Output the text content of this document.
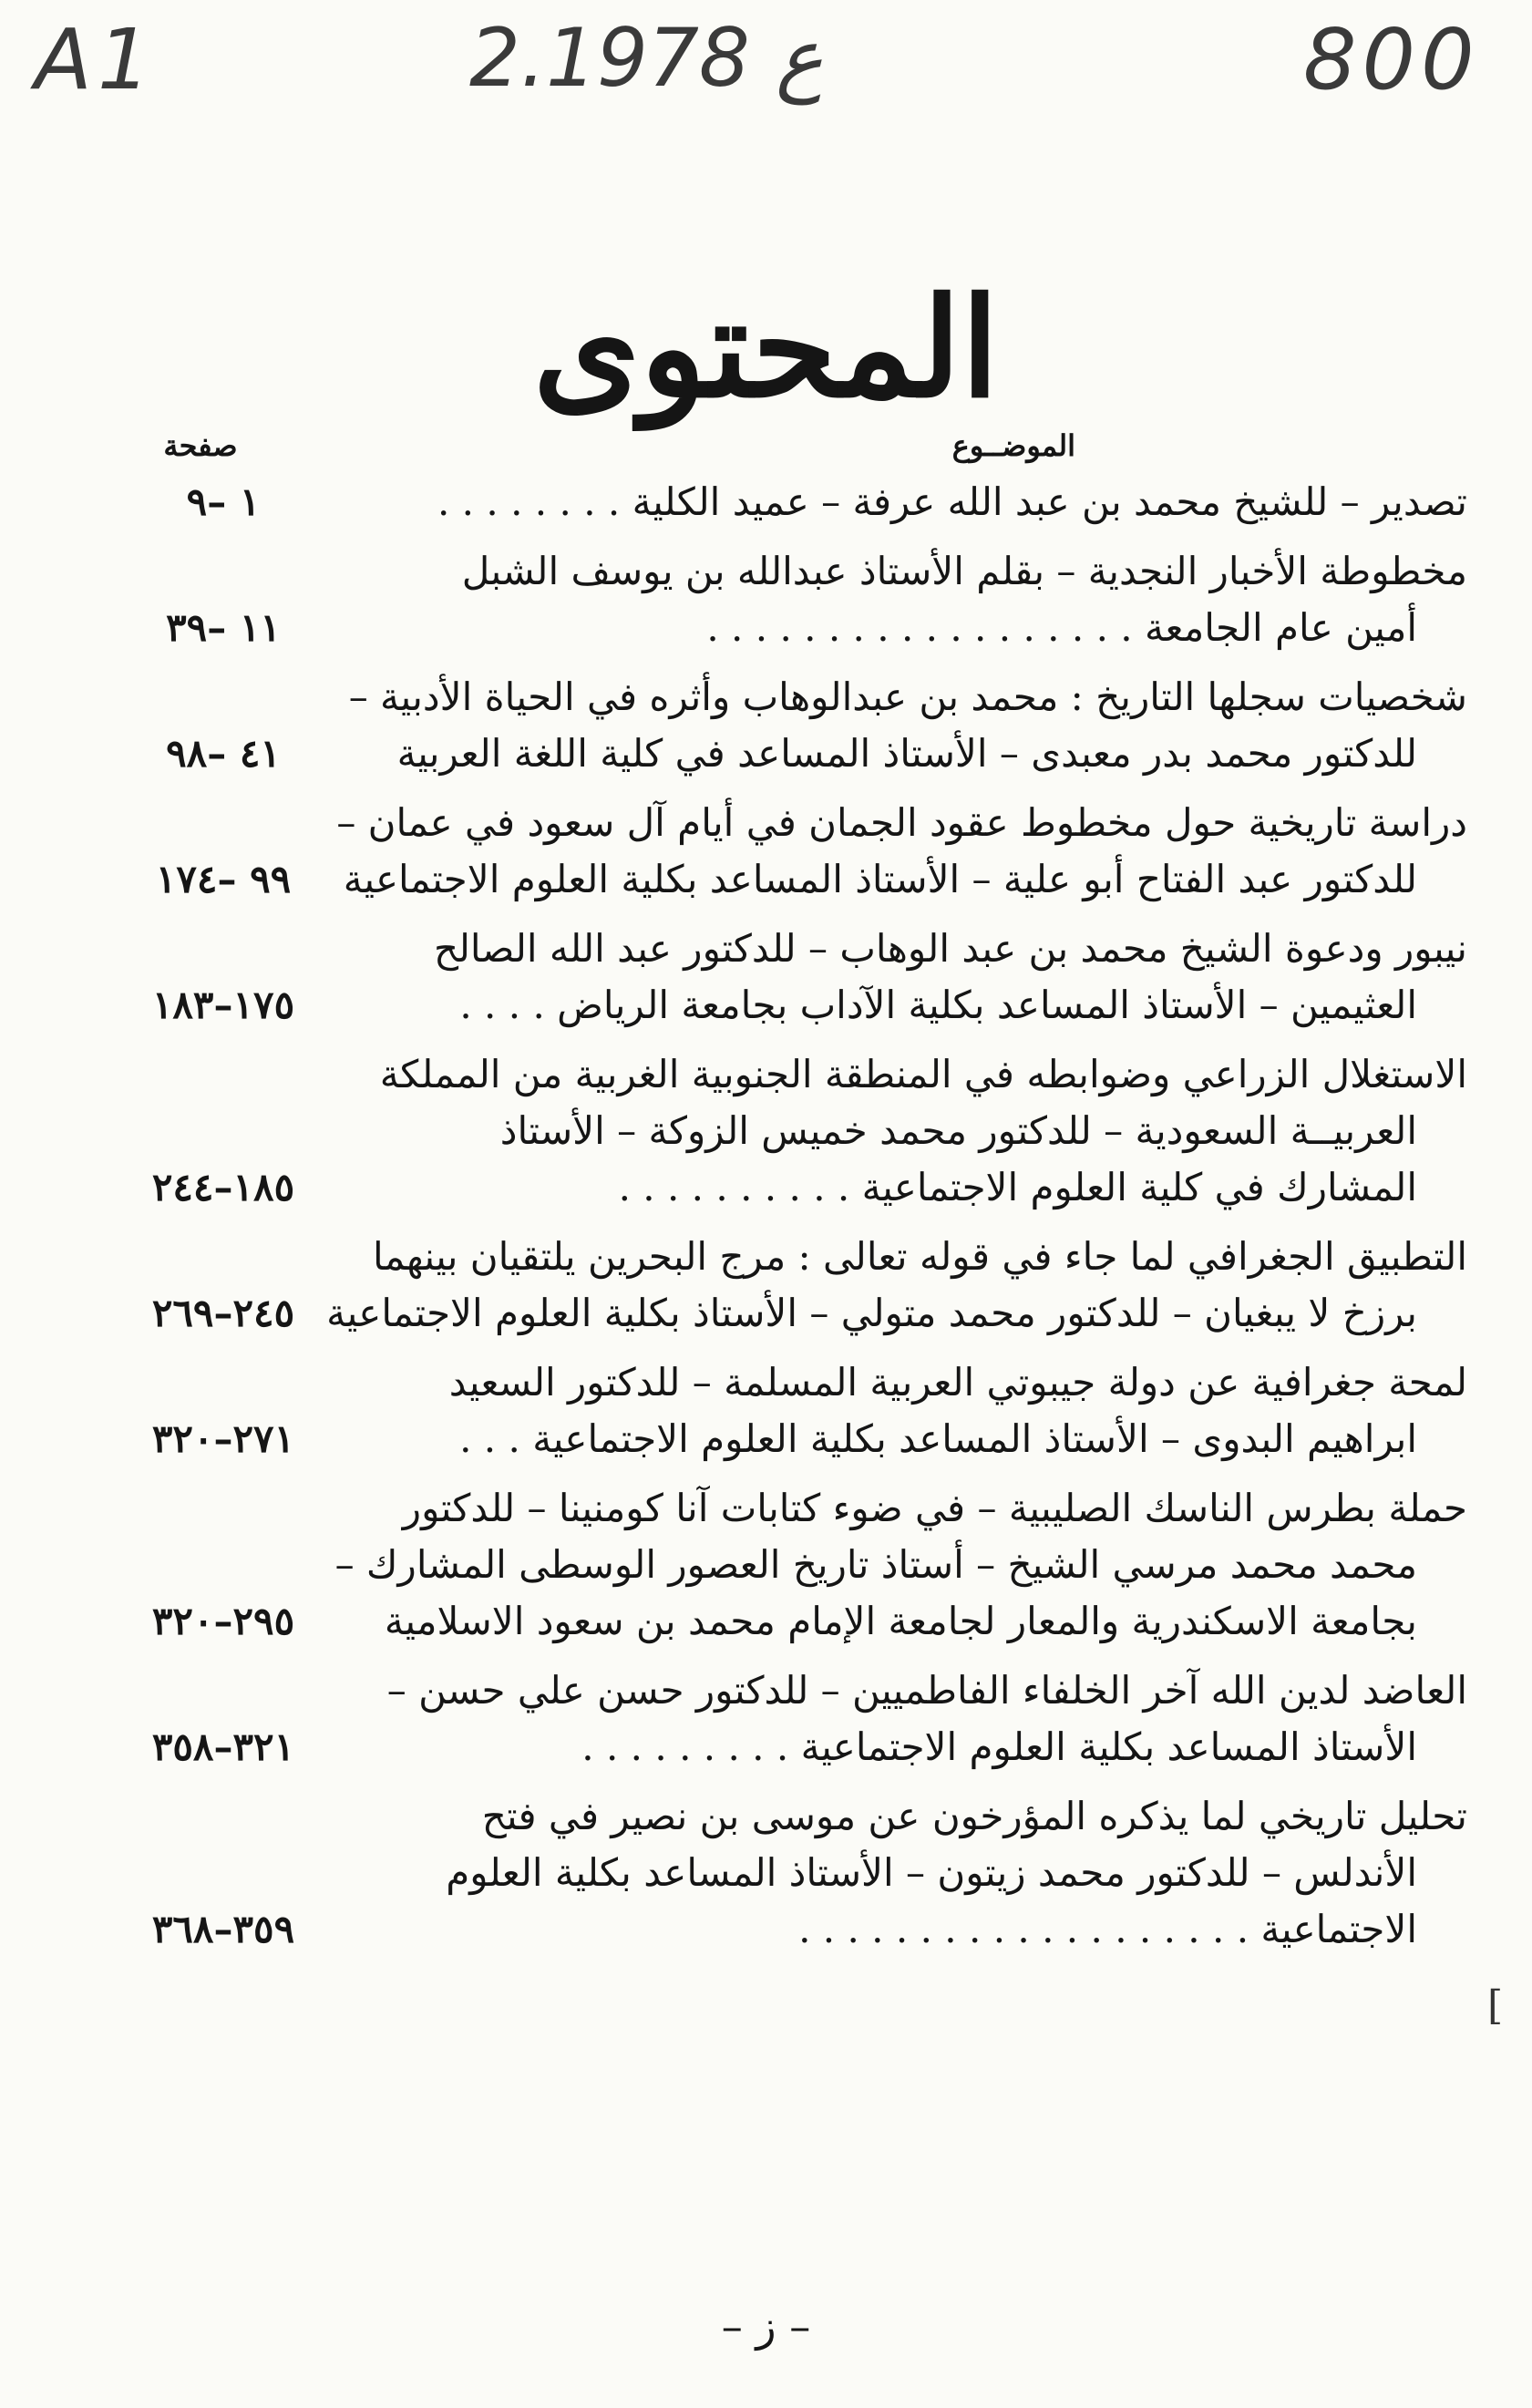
A1	2.ع 1978	800
المحتوى
الموضــوع
صفحة
تصدير – للشيخ محمد بن عبد الله عرفة – عميد الكلية . . . . . . . .
١ –٩
مخطوطة الأخبار النجدية – بقلم الأستاذ عبدالله بن يوسف الشبل
أمين عام الجامعة . . . . . . . . . . . . . . . . . .
١١ –٣٩
شخصيات سجلها التاريخ : محمد بن عبدالوهاب وأثره في الحياة الأدبية –
للدكتور محمد بدر معبدى – الأستاذ المساعد في كلية اللغة العربية
٤١ –٩٨
دراسة تاريخية حول مخطوط عقود الجمان في أيام آل سعود في عمان –
للدكتور عبد الفتاح أبو علية – الأستاذ المساعد بكلية العلوم الاجتماعية
٩٩ –١٧٤
نيبور ودعوة الشيخ محمد بن عبد الوهاب – للدكتور عبد الله الصالح
العثيمين – الأستاذ المساعد بكلية الآداب بجامعة الرياض . . . .
١٧٥–١٨٣
الاستغلال الزراعي وضوابطه في المنطقة الجنوبية الغربية من المملكة
العربيــة السعودية – للدكتور محمد خميس الزوكة – الأستاذ
المشارك في كلية العلوم الاجتماعية . . . . . . . . . .
١٨٥–٢٤٤
التطبيق الجغرافي لما جاء في قوله تعالى : مرج البحرين يلتقيان بينهما
برزخ لا يبغيان – للدكتور محمد متولي – الأستاذ بكلية العلوم الاجتماعية
٢٤٥–٢٦٩
لمحة جغرافية عن دولة جيبوتي العربية المسلمة – للدكتور السعيد
ابراهيم البدوى – الأستاذ المساعد بكلية العلوم الاجتماعية . . .
٢٧١–٣٢٠
حملة بطرس الناسك الصليبية – في ضوء كتابات آنا كومنينا – للدكتور
محمد محمد مرسي الشيخ – أستاذ تاريخ العصور الوسطى المشارك –
بجامعة الاسكندرية والمعار لجامعة الإمام محمد بن سعود الاسلامية
٢٩٥–٣٢٠
العاضد لدين الله آخر الخلفاء الفاطميين – للدكتور حسن علي حسن –
الأستاذ المساعد بكلية العلوم الاجتماعية . . . . . . . . .
٣٢١–٣٥٨
تحليل تاريخي لما يذكره المؤرخون عن موسى بن نصير في فتح
الأندلس – للدكتور محمد زيتون – الأستاذ المساعد بكلية العلوم
الاجتماعية . . . . . . . . . . . . . . . . . . .
٣٥٩–٣٦٨
[
– ز –
